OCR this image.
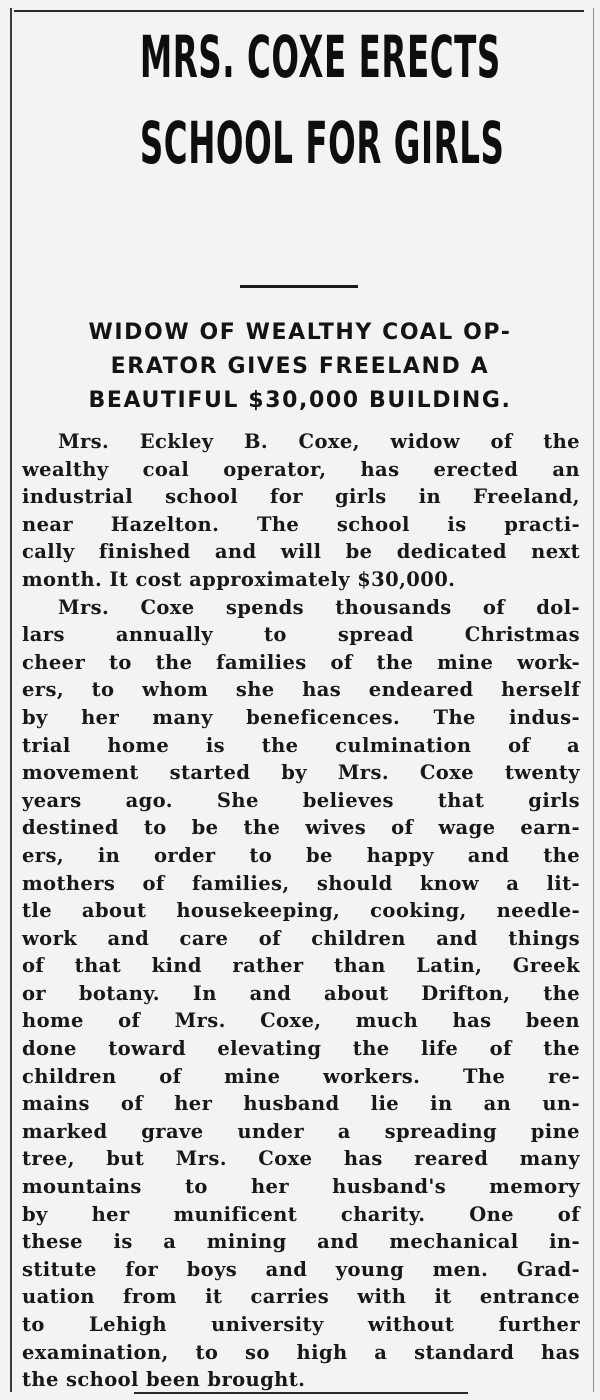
MRS. COXE ERECTS
SCHOOL FOR GIRLS
WIDOW OF WEALTHY COAL OP-
ERATOR GIVES FREELAND A
BEAUTIFUL $30,000 BUILDING.
Mrs. Eckley B. Coxe, widow of the
wealthy coal operator, has erected an
industrial school for girls in Freeland,
near Hazelton. The school is practi-
cally finished and will be dedicated next
month. It cost approximately $30,000.
Mrs. Coxe spends thousands of dol-
lars annually to spread Christmas
cheer to the families of the mine work-
ers, to whom she has endeared herself
by her many beneficences. The indus-
trial home is the culmination of a
movement started by Mrs. Coxe twenty
years ago. She believes that girls
destined to be the wives of wage earn-
ers, in order to be happy and the
mothers of families, should know a lit-
tle about housekeeping, cooking, needle-
work and care of children and things
of that kind rather than Latin, Greek
or botany. In and about Drifton, the
home of Mrs. Coxe, much has been
done toward elevating the life of the
children of mine workers. The re-
mains of her husband lie in an un-
marked grave under a spreading pine
tree, but Mrs. Coxe has reared many
mountains to her husband's memory
by her munificent charity. One of
these is a mining and mechanical in-
stitute for boys and young men. Grad-
uation from it carries with it entrance
to Lehigh university without further
examination, to so high a standard has
the school been brought.
